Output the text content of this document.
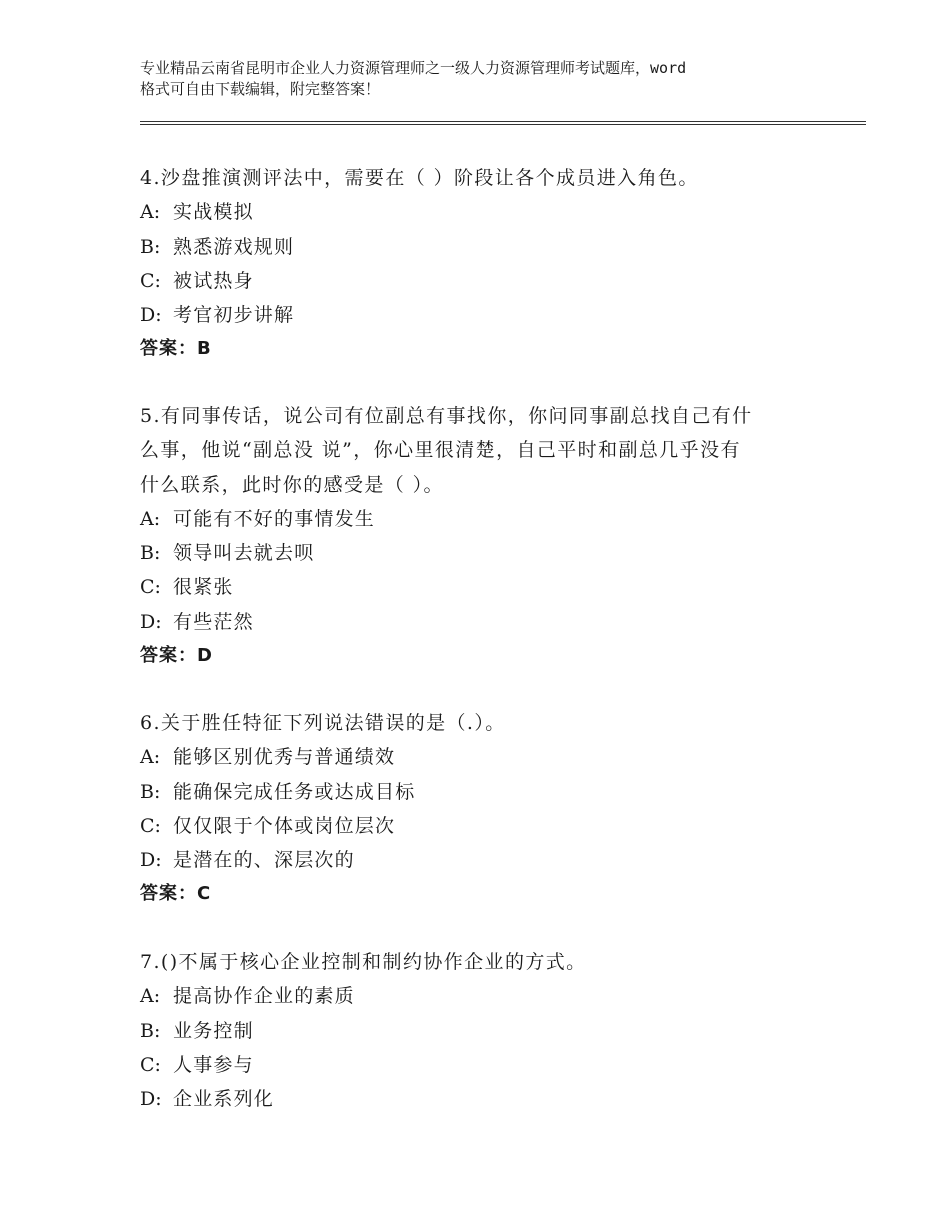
专业精品云南省昆明市企业人力资源管理师之一级人力资源管理师考试题库，word
格式可自由下载编辑，附完整答案！
4.沙盘推演测评法中，需要在（ ）阶段让各个成员进入角色。
A: 实战模拟
B: 熟悉游戏规则
C: 被试热身
D: 考官初步讲解
答案：B
5.有同事传话，说公司有位副总有事找你，你问同事副总找自己有什
么事，他说“副总没 说”，你心里很清楚，自己平时和副总几乎没有
什么联系，此时你的感受是（ ）。
A: 可能有不好的事情发生
B: 领导叫去就去呗
C: 很紧张
D: 有些茫然
答案：D
6.关于胜任特征下列说法错误的是（.）。
A: 能够区别优秀与普通绩效
B: 能确保完成任务或达成目标
C: 仅仅限于个体或岗位层次
D: 是潜在的、深层次的
答案：C
7.()不属于核心企业控制和制约协作企业的方式。
A: 提高协作企业的素质
B: 业务控制
C: 人事参与
D: 企业系列化
